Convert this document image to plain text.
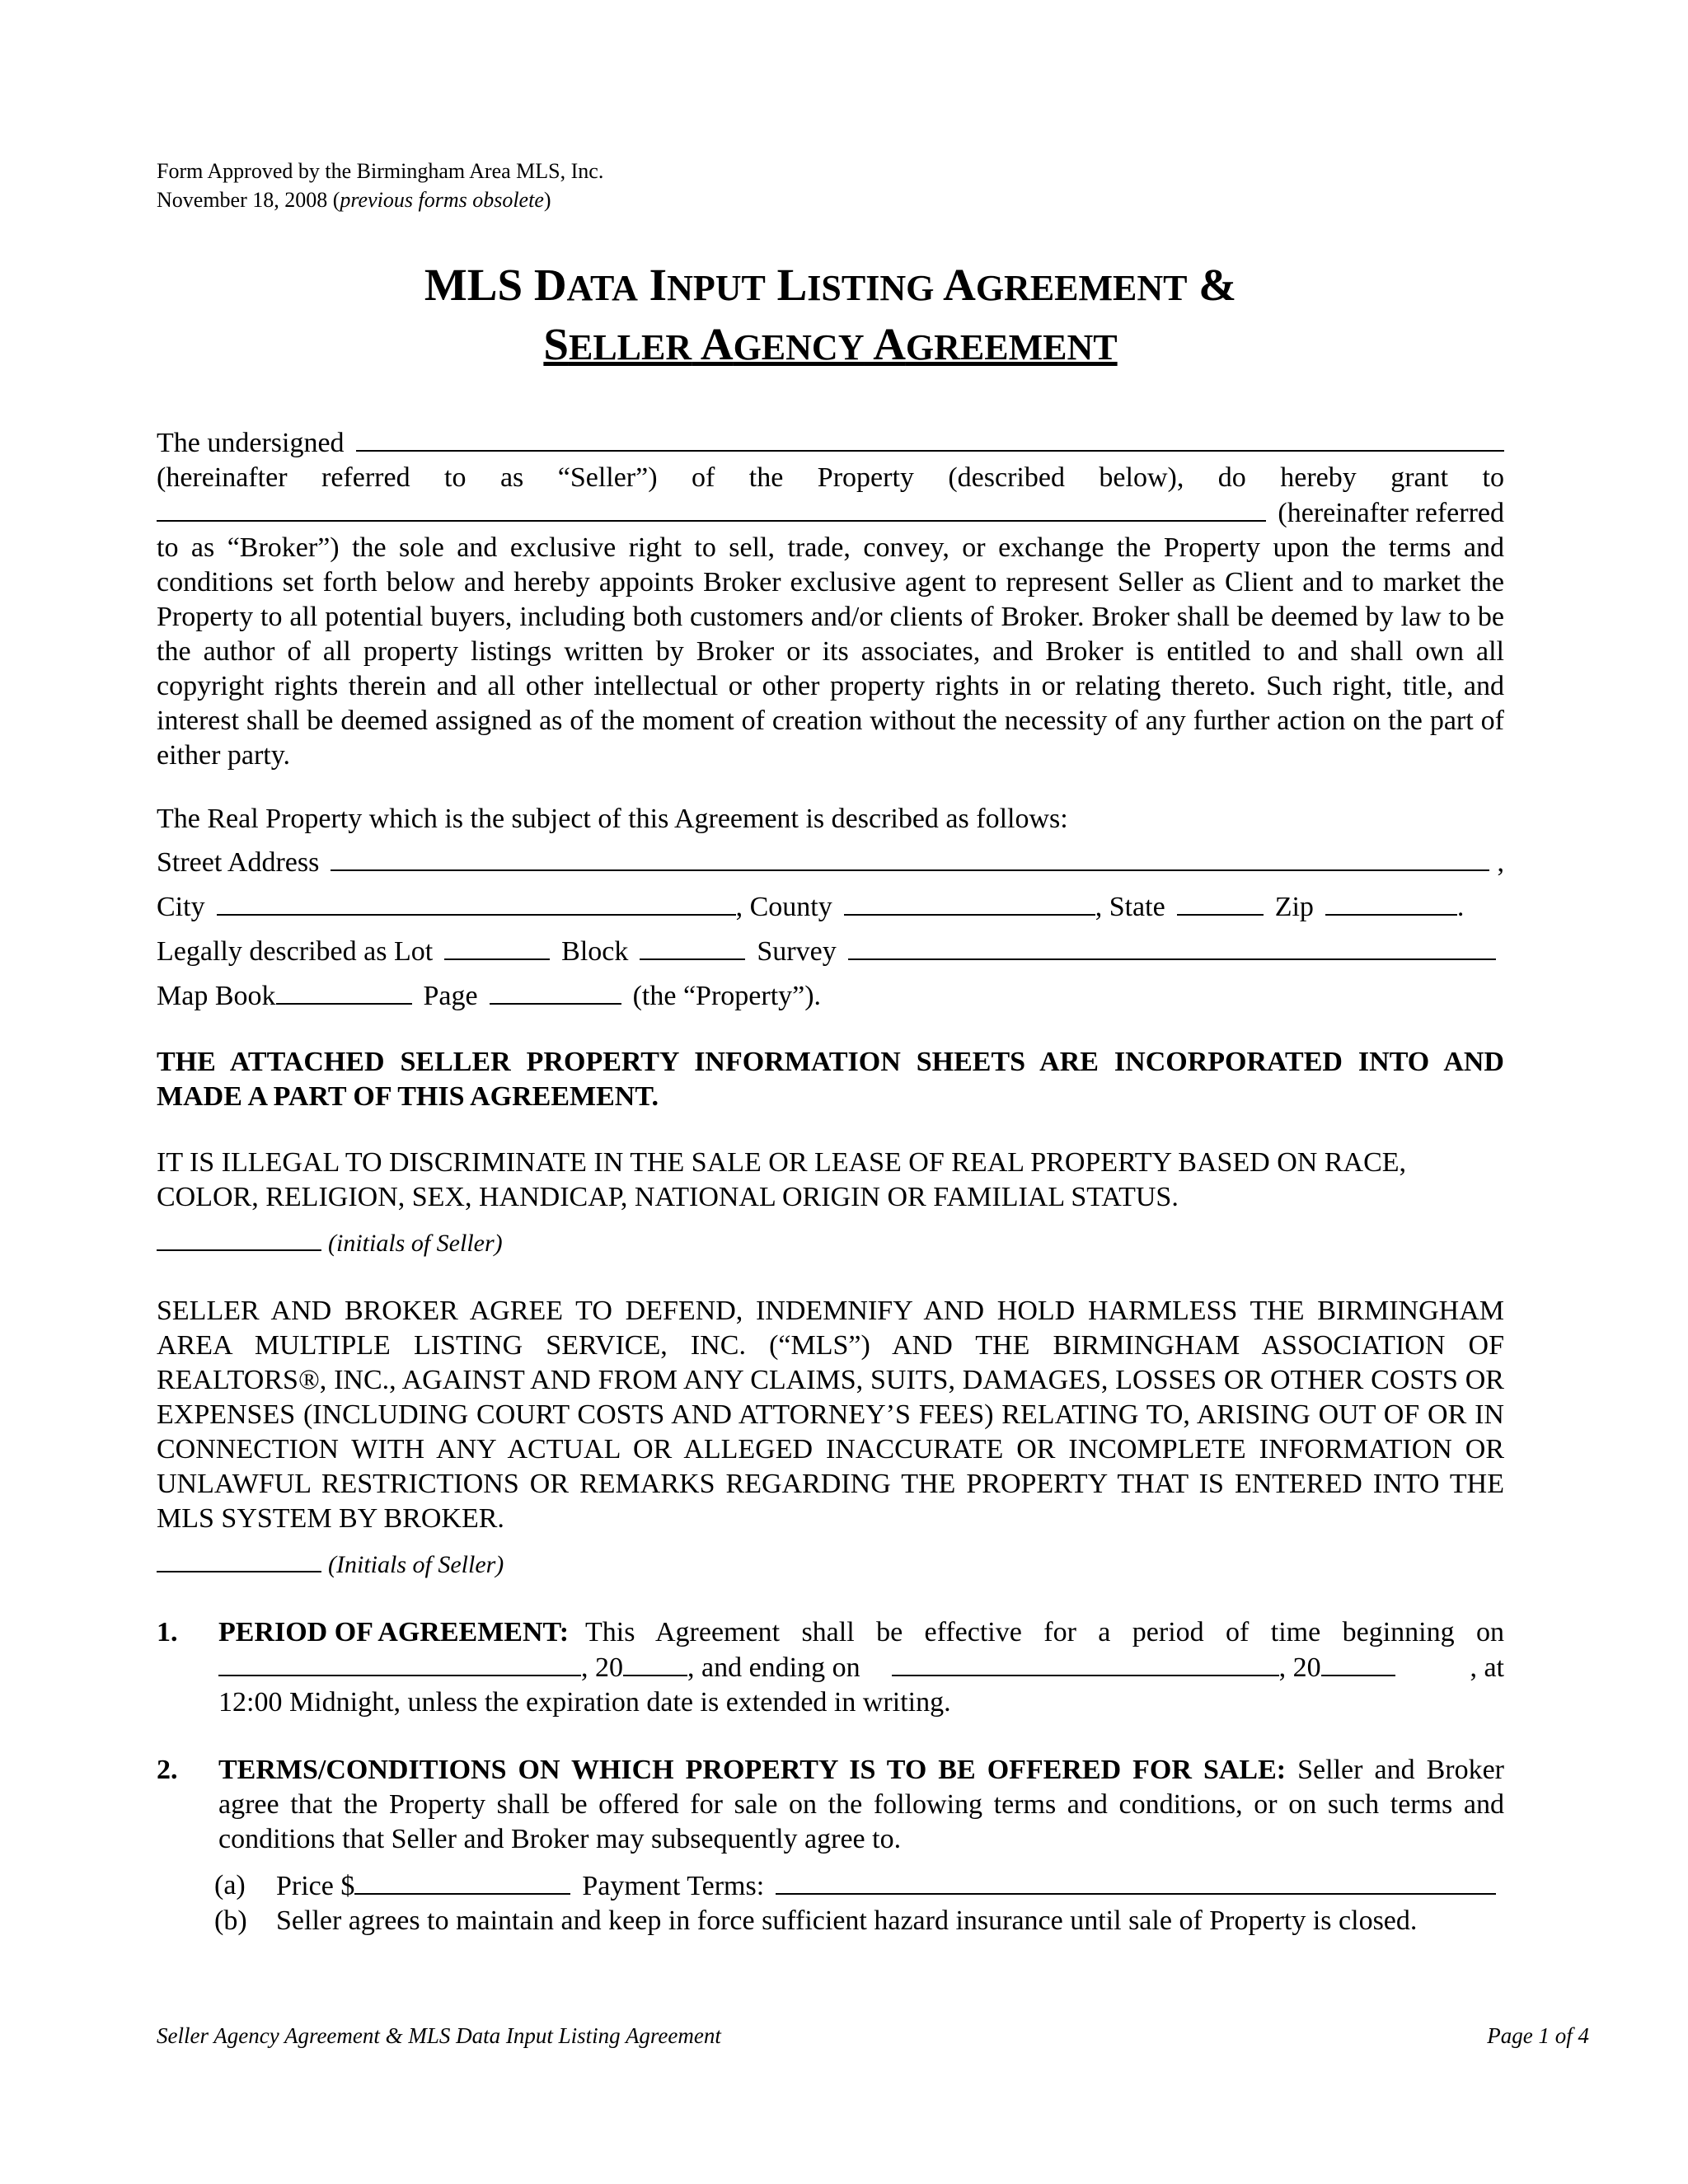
Form Approved by the Birmingham Area MLS, Inc.
November 18, 2008 (previous forms obsolete)
MLS DATA INPUT LISTING AGREEMENT &
SELLER AGENCY AGREEMENT
The undersigned
(hereinafter referred to as “Seller”) of the Property (described below), do hereby grant to
(hereinafter referred
to as “Broker”) the sole and exclusive right to sell, trade, convey, or exchange the Property upon the terms and conditions set forth below and hereby appoints Broker exclusive agent to represent Seller as Client and to market the Property to all potential buyers, including both customers and/or clients of Broker. Broker shall be deemed by law to be the author of all property listings written by Broker or its associates, and Broker is entitled to and shall own all copyright rights therein and all other intellectual or other property rights in or relating thereto. Such right, title, and interest shall be deemed assigned as of the moment of creation without the necessity of any further action on the part of either party.
The Real Property which is the subject of this Agreement is described as follows:
Street Address	,
City	, County	, State	Zip	.
Legally described as Lot	Block	Survey
Map Book	Page	(the “Property”).
THE ATTACHED SELLER PROPERTY INFORMATION SHEETS ARE INCORPORATED INTO AND MADE A PART OF THIS AGREEMENT.
IT IS ILLEGAL TO DISCRIMINATE IN THE SALE OR LEASE OF REAL PROPERTY BASED ON RACE, COLOR, RELIGION, SEX, HANDICAP, NATIONAL ORIGIN OR FAMILIAL STATUS.
(initials of Seller)
SELLER AND BROKER AGREE TO DEFEND, INDEMNIFY AND HOLD HARMLESS THE BIRMINGHAM AREA MULTIPLE LISTING SERVICE, INC. (“MLS”) AND THE BIRMINGHAM ASSOCIATION OF REALTORS®, INC., AGAINST AND FROM ANY CLAIMS, SUITS, DAMAGES, LOSSES OR OTHER COSTS OR EXPENSES (INCLUDING COURT COSTS AND ATTORNEY’S FEES) RELATING TO, ARISING OUT OF OR IN CONNECTION WITH ANY ACTUAL OR ALLEGED INACCURATE OR INCOMPLETE INFORMATION OR UNLAWFUL RESTRICTIONS OR REMARKS REGARDING THE PROPERTY THAT IS ENTERED INTO THE MLS SYSTEM BY BROKER.
(Initials of Seller)
1.	PERIOD OF AGREEMENT: This Agreement shall be effective for a period of time beginning on
, 20 , and ending on	, 20	, at
12:00 Midnight, unless the expiration date is extended in writing.
2.	TERMS/CONDITIONS ON WHICH PROPERTY IS TO BE OFFERED FOR SALE: Seller and Broker agree that the Property shall be offered for sale on the following terms and conditions, or on such terms and conditions that Seller and Broker may subsequently agree to.
(a)	Price $	Payment Terms:
(b)	Seller agrees to maintain and keep in force sufficient hazard insurance until sale of Property is closed.
Seller Agency Agreement & MLS Data Input Listing Agreement	Page 1 of 4
